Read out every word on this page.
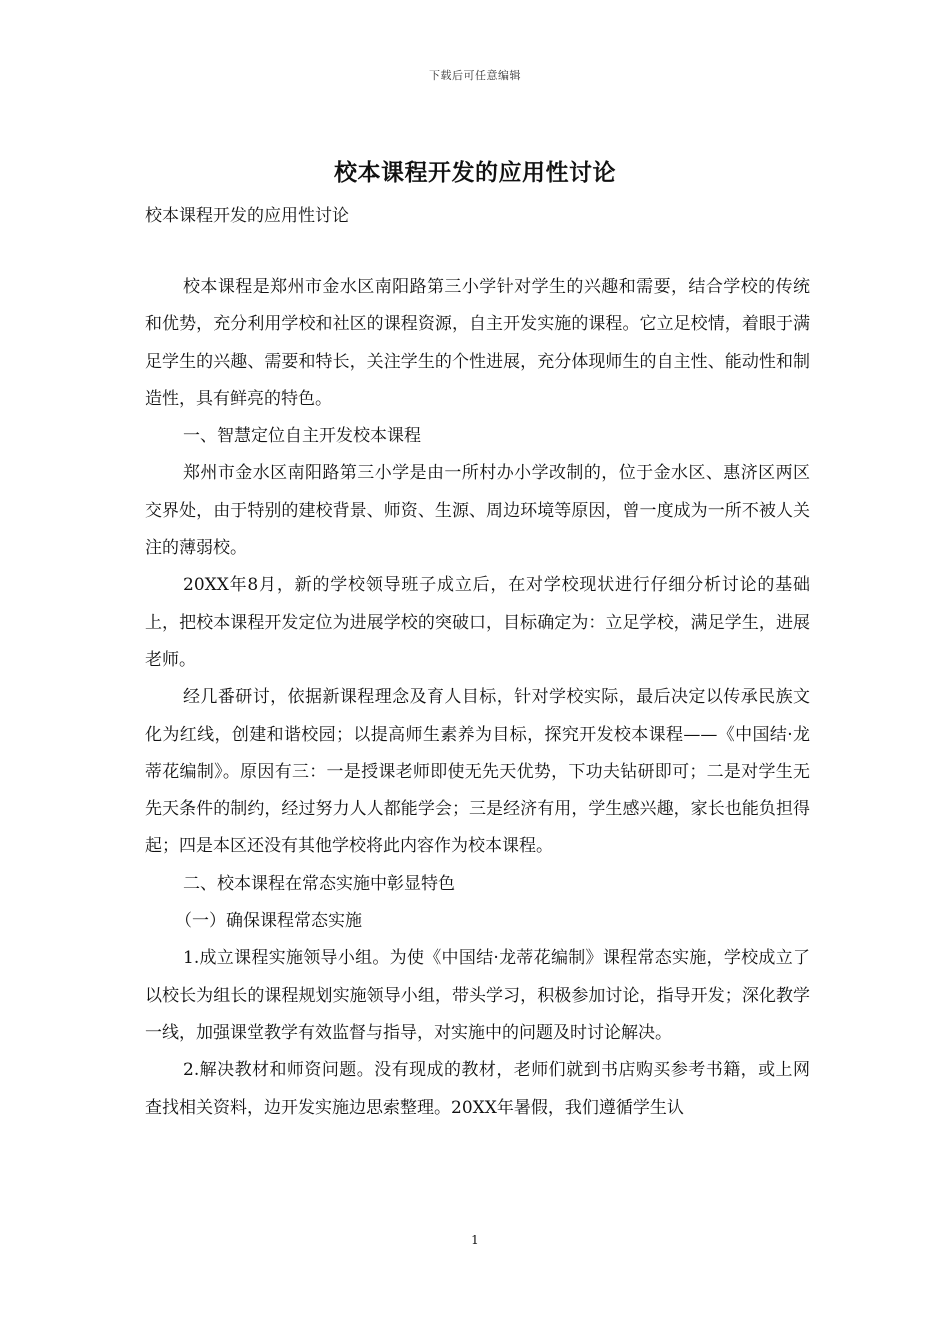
下载后可任意编辑
校本课程开发的应用性讨论
校本课程开发的应用性讨论

校本课程是郑州市金水区南阳路第三小学针对学生的兴趣和需要，结合学校的传统和优势，充分利用学校和社区的课程资源，自主开发实施的课程。它立足校情，着眼于满足学生的兴趣、需要和特长，关注学生的个性进展，充分体现师生的自主性、能动性和制造性，具有鲜亮的特色。

一、智慧定位自主开发校本课程

郑州市金水区南阳路第三小学是由一所村办小学改制的，位于金水区、惠济区两区交界处，由于特别的建校背景、师资、生源、周边环境等原因，曾一度成为一所不被人关注的薄弱校。

20XX年8月，新的学校领导班子成立后，在对学校现状进行仔细分析讨论的基础上，把校本课程开发定位为进展学校的突破口，目标确定为：立足学校，满足学生，进展老师。

经几番研讨，依据新课程理念及育人目标，针对学校实际，最后决定以传承民族文化为红线，创建和谐校园；以提高师生素养为目标，探究开发校本课程——《中国结·龙蒂花编制》。原因有三：一是授课老师即使无先天优势，下功夫钻研即可；二是对学生无先天条件的制约，经过努力人人都能学会；三是经济有用，学生感兴趣，家长也能负担得起；四是本区还没有其他学校将此内容作为校本课程。

二、校本课程在常态实施中彰显特色

（一）确保课程常态实施

1.成立课程实施领导小组。为使《中国结·龙蒂花编制》课程常态实施，学校成立了以校长为组长的课程规划实施领导小组，带头学习，积极参加讨论，指导开发；深化教学一线，加强课堂教学有效监督与指导，对实施中的问题及时讨论解决。

2.解决教材和师资问题。没有现成的教材，老师们就到书店购买参考书籍，或上网查找相关资料，边开发实施边思索整理。20XX年暑假，我们遵循学生认

1
